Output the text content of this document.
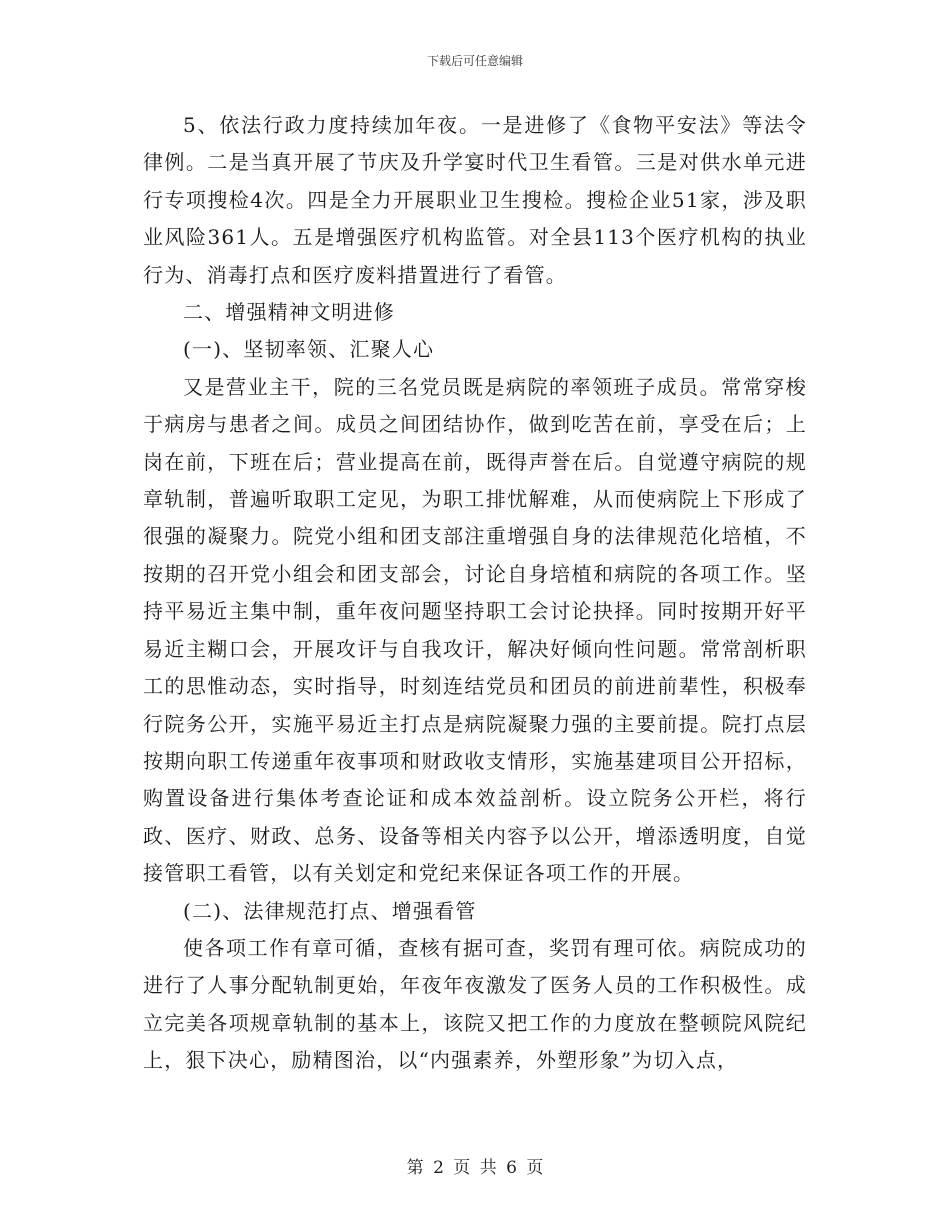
下载后可任意编辑

5、依法行政力度持续加年夜。一是进修了《食物平安法》等法令律例。二是当真开展了节庆及升学宴时代卫生看管。三是对供水单元进行专项搜检4次。四是全力开展职业卫生搜检。搜检企业51家，涉及职业风险361人。五是增强医疗机构监管。对全县113个医疗机构的执业行为、消毒打点和医疗废料措置进行了看管。

二、增强精神文明进修

(一)、坚韧率领、汇聚人心

又是营业主干，院的三名党员既是病院的率领班子成员。常常穿梭于病房与患者之间。成员之间团结协作，做到吃苦在前，享受在后；上岗在前，下班在后；营业提高在前，既得声誉在后。自觉遵守病院的规章轨制，普遍听取职工定见，为职工排忧解难，从而使病院上下形成了很强的凝聚力。院党小组和团支部注重增强自身的法律规范化培植，不按期的召开党小组会和团支部会，讨论自身培植和病院的各项工作。坚持平易近主集中制，重年夜问题坚持职工会讨论抉择。同时按期开好平易近主糊口会，开展攻讦与自我攻讦，解决好倾向性问题。常常剖析职工的思惟动态，实时指导，时刻连结党员和团员的前进前辈性，积极奉行院务公开，实施平易近主打点是病院凝聚力强的主要前提。院打点层按期向职工传递重年夜事项和财政收支情形，实施基建项目公开招标，购置设备进行集体考查论证和成本效益剖析。设立院务公开栏，将行政、医疗、财政、总务、设备等相关内容予以公开，增添透明度，自觉接管职工看管，以有关划定和党纪来保证各项工作的开展。

(二)、法律规范打点、增强看管

使各项工作有章可循，查核有据可查，奖罚有理可依。病院成功的进行了人事分配轨制更始，年夜年夜激发了医务人员的工作积极性。成立完美各项规章轨制的基本上，该院又把工作的力度放在整顿院风院纪上，狠下决心，励精图治，以“内强素养，外塑形象”为切入点，

第 2 页 共 6 页
